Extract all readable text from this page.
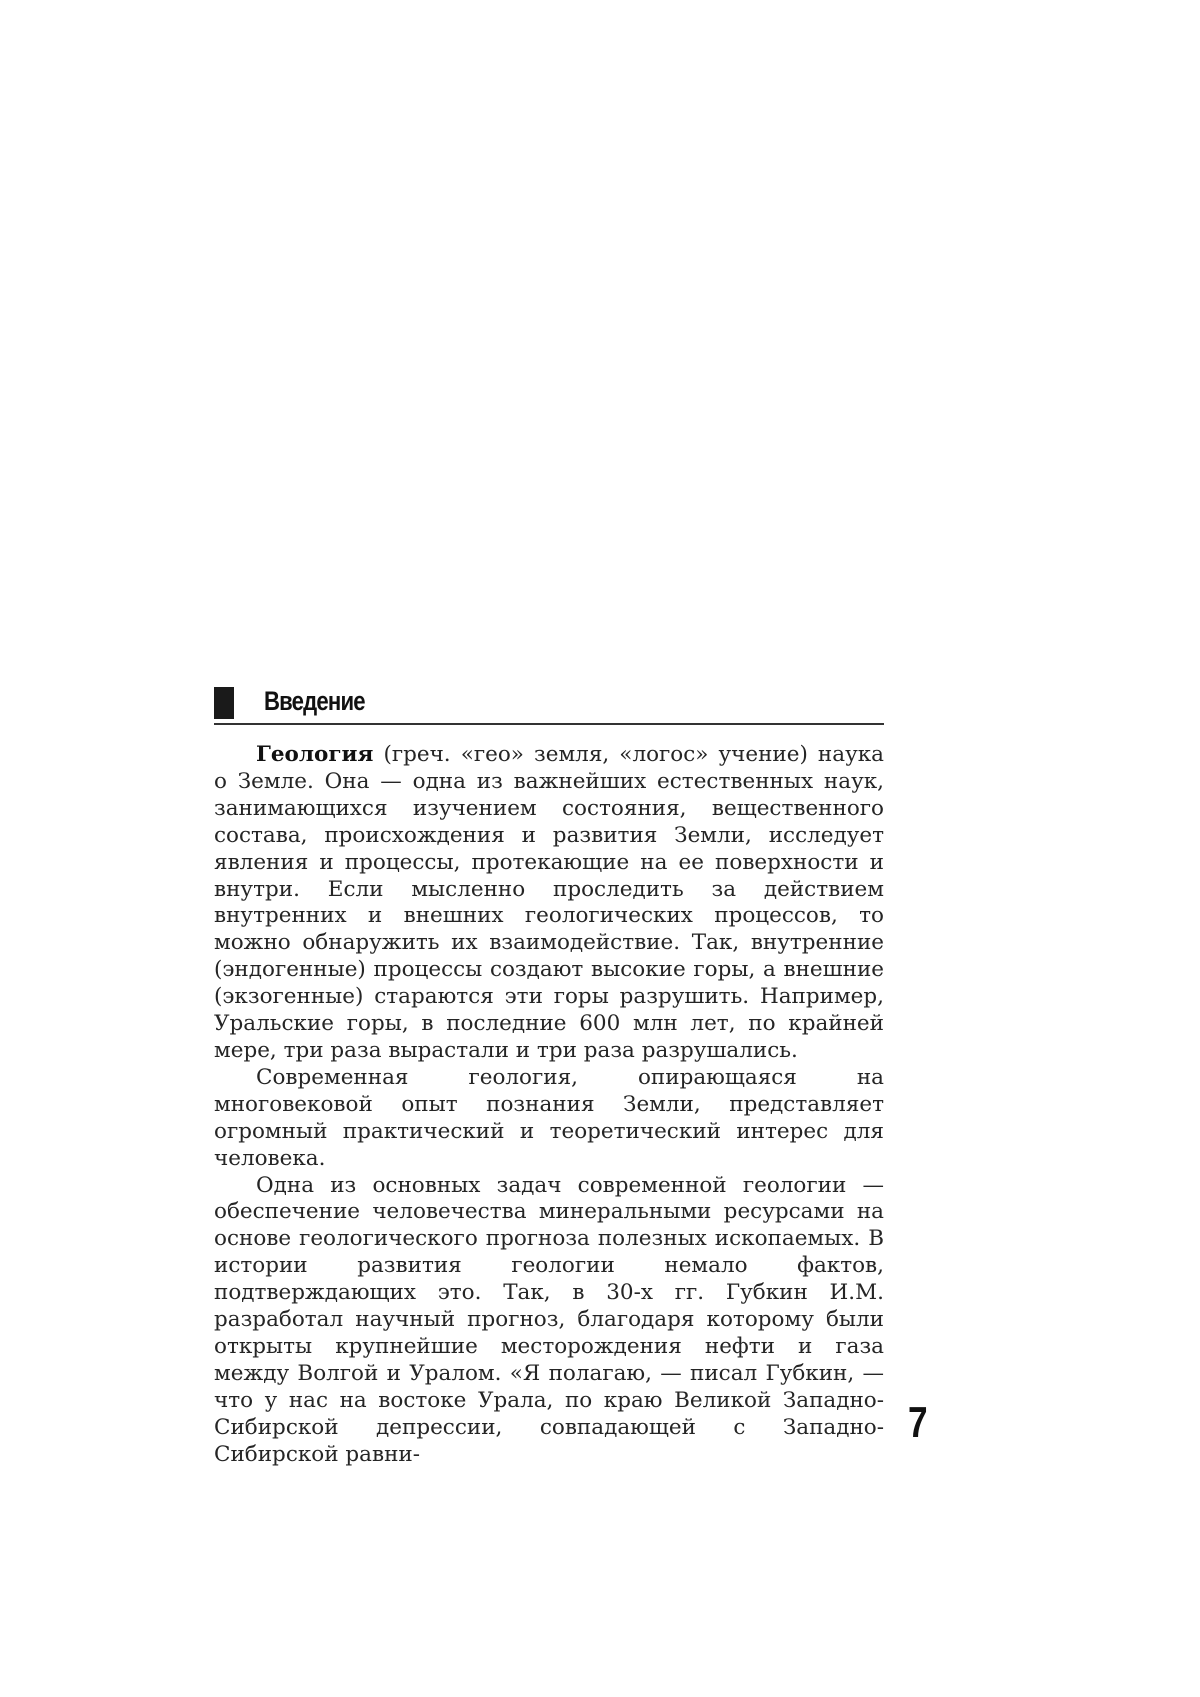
Введение

Геология (греч. «гео» земля, «логос» учение) наука о Земле. Она — одна из важнейших естественных наук, занимающихся изучением состояния, вещественного состава, происхождения и развития Земли, исследует явления и процессы, протекающие на ее поверхности и внутри. Если мысленно проследить за действием внутренних и внешних геологических процессов, то можно обнаружить их взаимодействие. Так, внутренние (эндогенные) процессы создают высокие горы, а внешние (экзогенные) стараются эти горы разрушить. Например, Уральские горы, в последние 600 млн лет, по крайней мере, три раза вырастали и три раза разрушались.

Современная геология, опирающаяся на многовековой опыт познания Земли, представляет огромный практический и теоретический интерес для человека.

Одна из основных задач современной геологии — обеспечение человечества минеральными ресурсами на основе геологического прогноза полезных ископаемых. В истории развития геологии немало фактов, подтверждающих это. Так, в 30-х гг. Губкин И.М. разработал научный прогноз, благодаря которому были открыты крупнейшие месторождения нефти и газа между Волгой и Уралом. «Я полагаю, — писал Губкин, — что у нас на востоке Урала, по краю Великой Западно-Сибирской депрессии, совпадающей с Западно-Сибирской равни-

7
